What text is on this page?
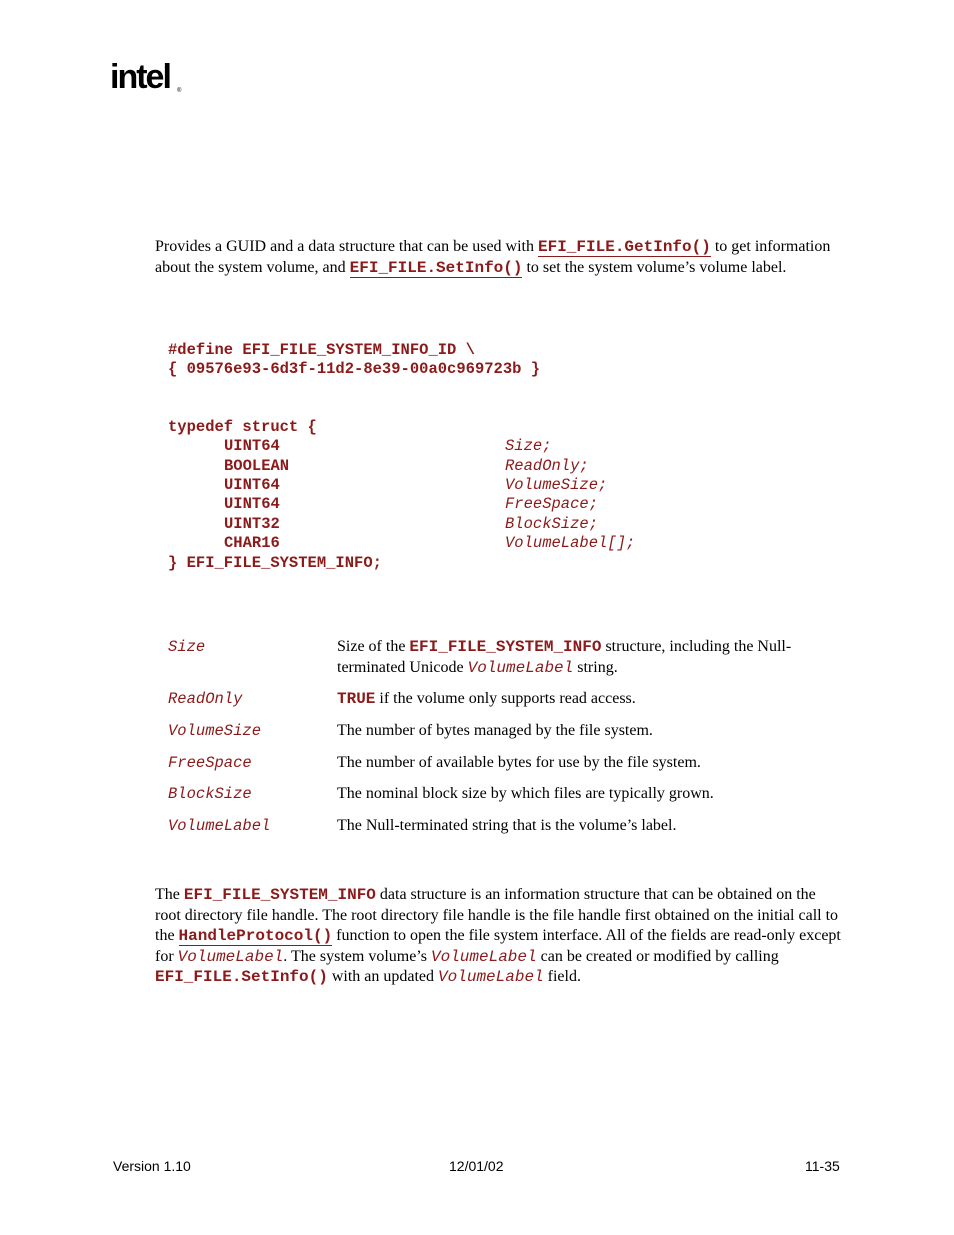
intel ®
Provides a GUID and a data structure that can be used with EFI_FILE.GetInfo() to get information about the system volume, and EFI_FILE.SetInfo() to set the system volume’s volume label.
#define EFI_FILE_SYSTEM_INFO_ID \
{ 09576e93-6d3f-11d2-8e39-00a0c969723b }
typedef struct {
UINT64	Size;
BOOLEAN	ReadOnly;
UINT64	VolumeSize;
UINT64	FreeSpace;
UINT32	BlockSize;
CHAR16	VolumeLabel[];
} EFI_FILE_SYSTEM_INFO;
Size	Size of the EFI_FILE_SYSTEM_INFO structure, including the Null-terminated Unicode VolumeLabel string.
ReadOnly	TRUE if the volume only supports read access.
VolumeSize	The number of bytes managed by the file system.
FreeSpace	The number of available bytes for use by the file system.
BlockSize	The nominal block size by which files are typically grown.
VolumeLabel	The Null-terminated string that is the volume’s label.
The EFI_FILE_SYSTEM_INFO data structure is an information structure that can be obtained on the root directory file handle. The root directory file handle is the file handle first obtained on the initial call to the HandleProtocol() function to open the file system interface. All of the fields are read-only except for VolumeLabel. The system volume’s VolumeLabel can be created or modified by calling EFI_FILE.SetInfo() with an updated VolumeLabel field.
Version 1.10	12/01/02	11-35
